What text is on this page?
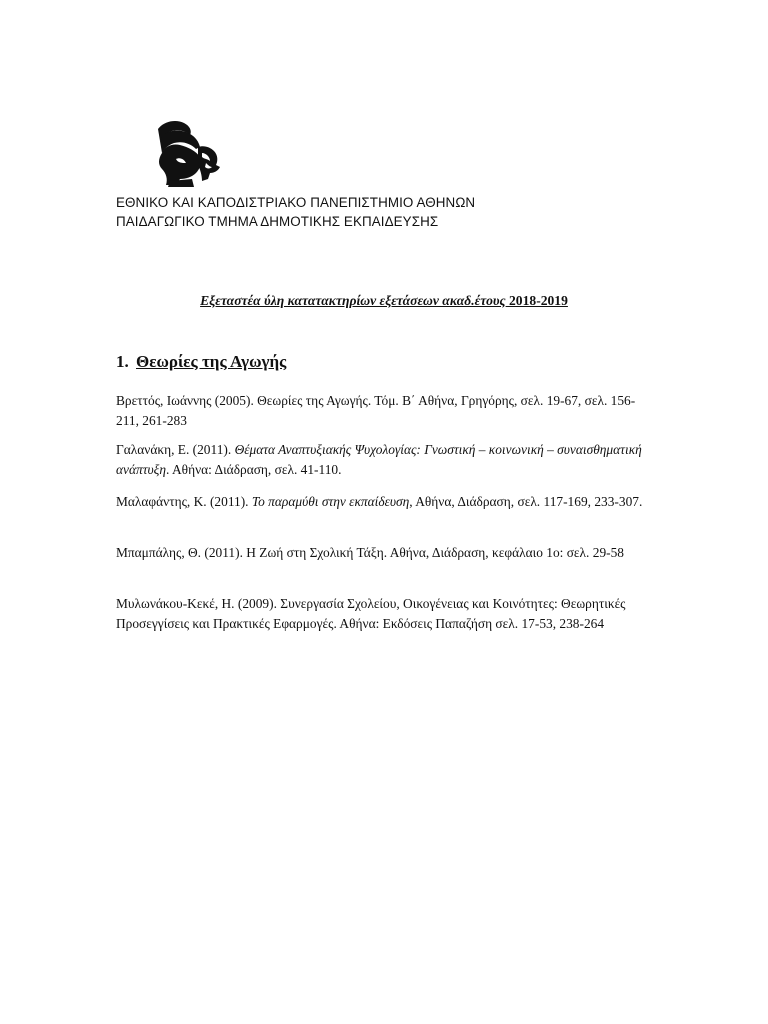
ΕΘΝΙΚΟ ΚΑΙ ΚΑΠΟΔΙΣΤΡΙΑΚΟ ΠΑΝΕΠΙΣΤΗΜΙΟ ΑΘΗΝΩΝ
ΠΑΙΔΑΓΩΓΙΚΟ ΤΜΗΜΑ ΔΗΜΟΤΙΚΗΣ ΕΚΠΑΙΔΕΥΣΗΣ
Εξεταστέα ύλη κατατακτηρίων εξετάσεων ακαδ.έτους 2018-2019
1. Θεωρίες της Αγωγής
Βρεττός, Ιωάννης (2005). Θεωρίες της Αγωγής. Τόμ. Β΄ Αθήνα, Γρηγόρης, σελ. 19-67, σελ. 156-211, 261-283
Γαλανάκη, Ε. (2011). Θέματα Αναπτυξιακής Ψυχολογίας: Γνωστική – κοινωνική – συναισθηματική ανάπτυξη. Αθήνα: Διάδραση, σελ. 41-110.
Μαλαφάντης, Κ. (2011). Το παραμύθι στην εκπαίδευση, Αθήνα, Διάδραση, σελ. 117-169, 233-307.
Μπαμπάλης, Θ. (2011). Η Ζωή στη Σχολική Τάξη. Αθήνα, Διάδραση, κεφάλαιο 1ο: σελ. 29-58
Μυλωνάκου-Κεκέ, Η. (2009). Συνεργασία Σχολείου, Οικογένειας και Κοινότητες: Θεωρητικές Προσεγγίσεις και Πρακτικές Εφαρμογές. Αθήνα: Εκδόσεις Παπαζήση σελ. 17-53, 238-264
